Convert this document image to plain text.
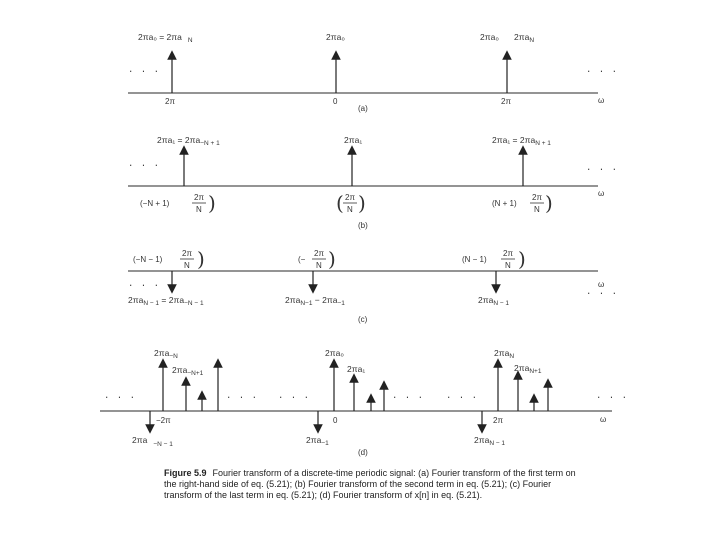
2πa₀ = 2πa $_N$	2πa₀	2πa₀ $2\pi a_N$
· · ·	· · ·
2π	0	2π	ω
(a)
$2\pi a_1 = 2\pi a_{-N + 1}$	2πa₁	$2\pi a_1 = 2\pi a_{N + 1}$
· · ·	· · ·
(−N + 1)
2π
N )	( 2π
N )	(N + 1)
2π
N )	ω
(b)
(−N − 1)
2π
N )	(−
2π
N )	(N − 1)
2π
N )
$2\pi a_{N - 1} = 2\pi a_{-N - 1}$	$2\pi a_{N-1} - 2\pi a_{-1}$	$2\pi a_{N - 1}$
· · ·
· · ·
ω
(c)
$2\pi a_{-N}$
$2\pi a_{-N+1}$
2πa $_{-N - 1}$
−2π
2πa₀
2πa₁
$2\pi a_{-1}$
0
$2\pi a_N$
$2\pi a_{N+1}$
$2\pi a_{N - 1}$
2π
· · ·	· · · · · ·	· · · · · ·	· · ·
ω
(d)
Figure 5.9 Fourier transform of a discrete-time periodic signal: (a) Fourier transform of the first term on the right-hand side of eq. (5.21); (b) Fourier transform of the second term in eq. (5.21); (c) Fourier transform of the last term in eq. (5.21); (d) Fourier transform of x[n] in eq. (5.21).
